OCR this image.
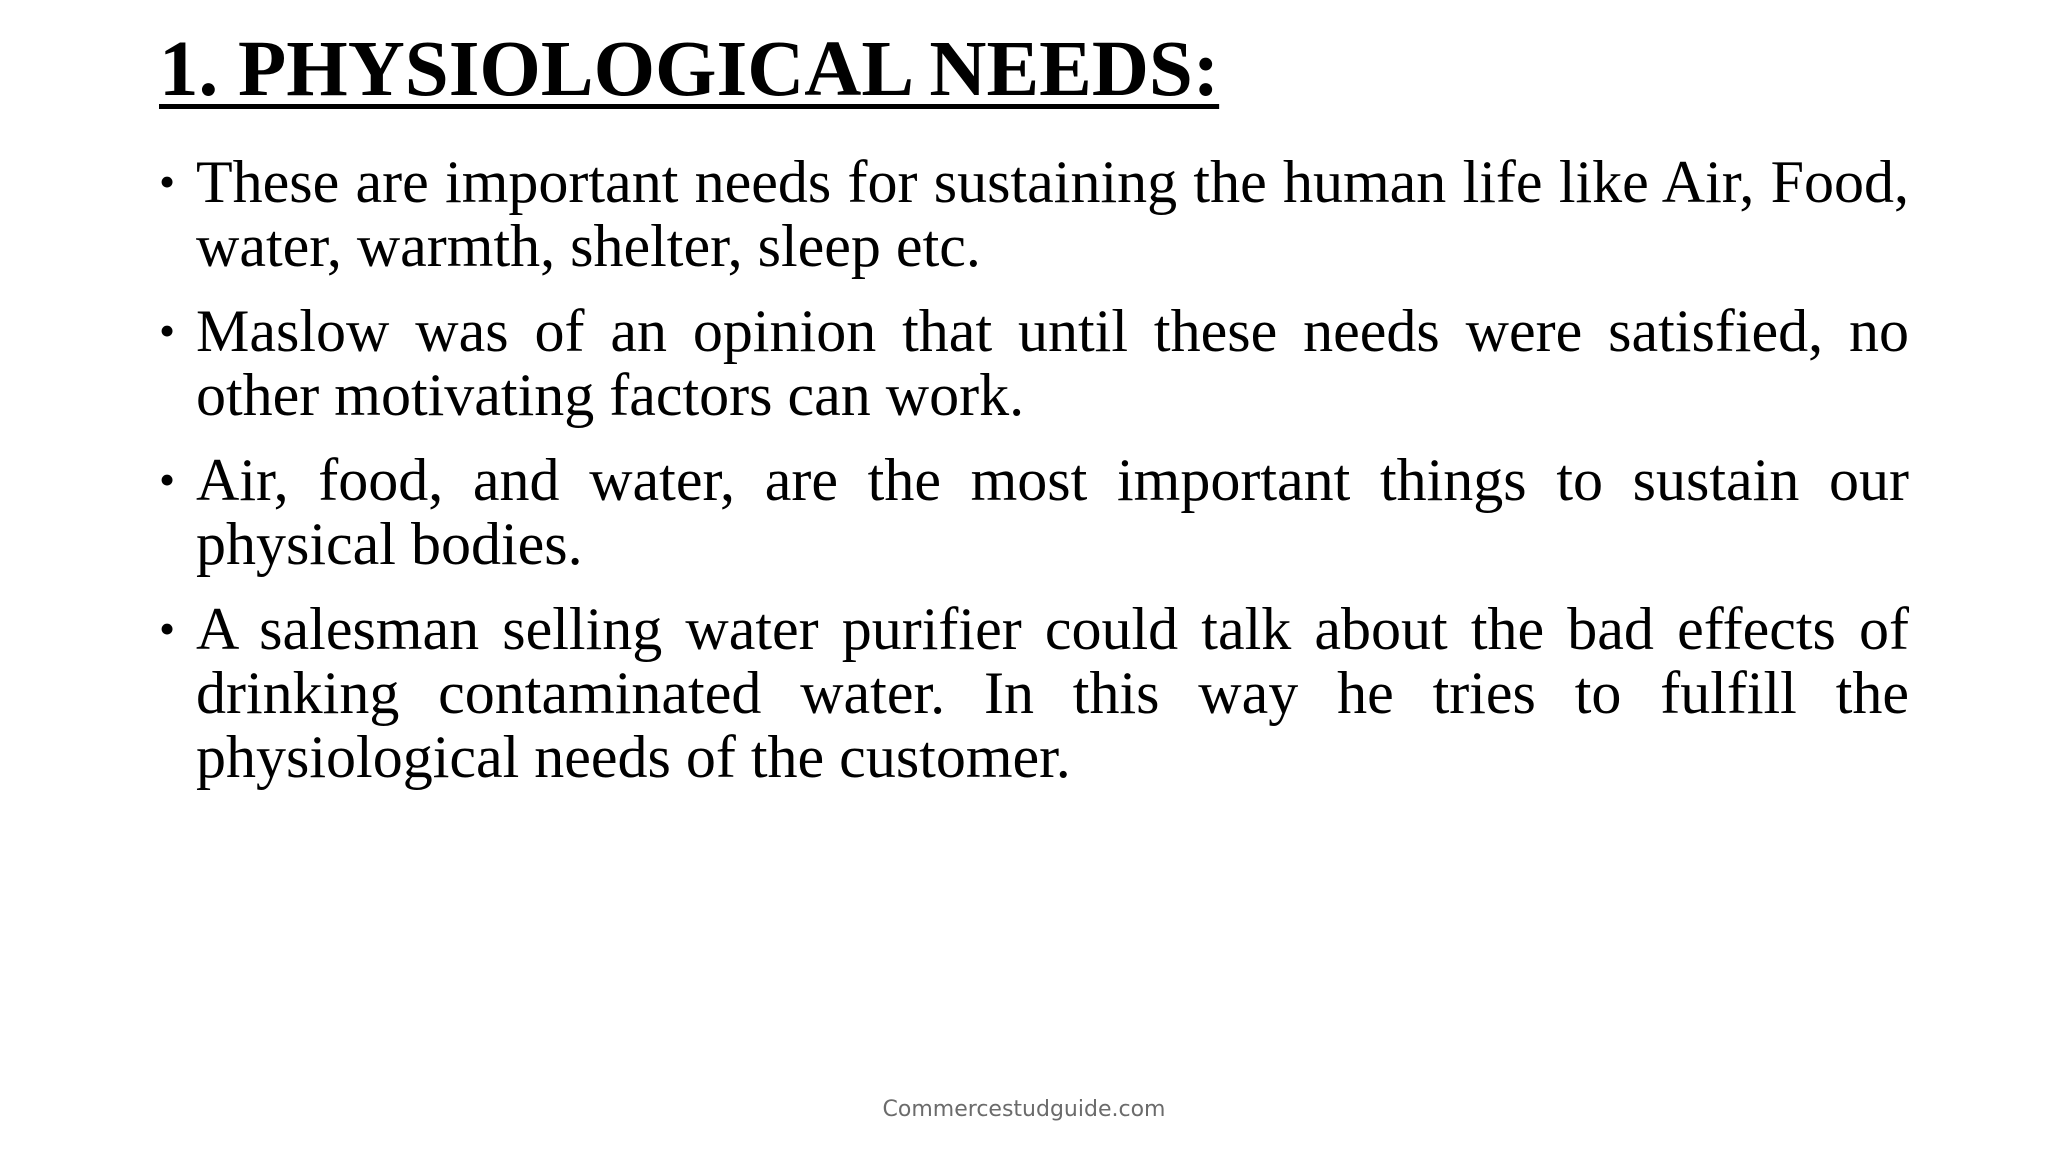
1. PHYSIOLOGICAL NEEDS:
• These are important needs for sustaining the human life like Air, Food, water, warmth, shelter, sleep etc.
• Maslow was of an opinion that until these needs were satisfied, no other motivating factors can work.
• Air, food, and water, are the most important things to sustain our physical bodies.
• A salesman selling water purifier could talk about the bad effects of drinking contaminated water. In this way he tries to fulfill the physiological needs of the customer.
Commercestudguide.com
